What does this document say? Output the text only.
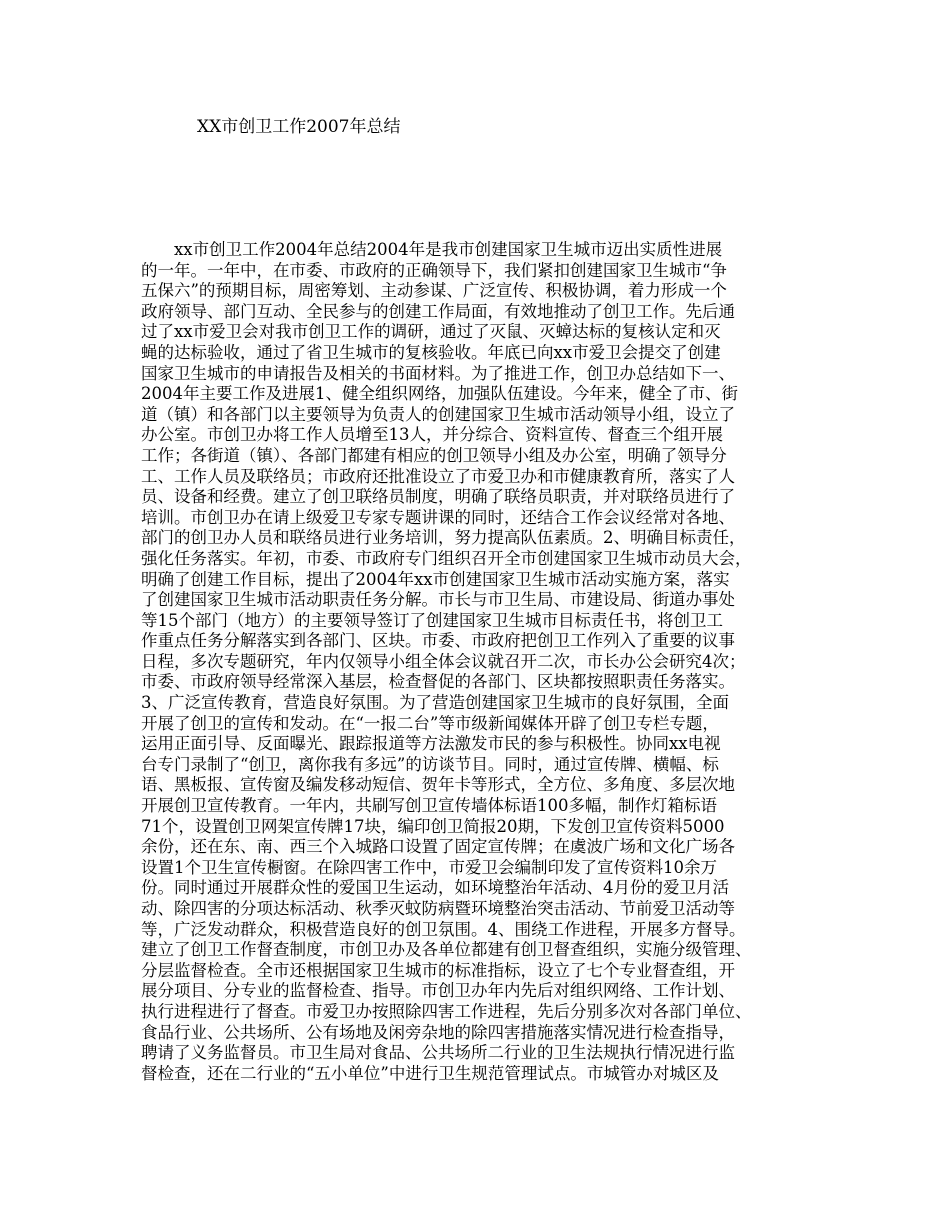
XX市创卫工作2007年总结
　　xx市创卫工作2004年总结2004年是我市创建国家卫生城市迈出实质性进展
的一年。一年中，在市委、市政府的正确领导下，我们紧扣创建国家卫生城市“争
五保六”的预期目标，周密筹划、主动参谋、广泛宣传、积极协调，着力形成一个
政府领导、部门互动、全民参与的创建工作局面，有效地推动了创卫工作。先后通
过了xx市爱卫会对我市创卫工作的调研，通过了灭鼠、灭蟑达标的复核认定和灭
蝇的达标验收，通过了省卫生城市的复核验收。年底已向xx市爱卫会提交了创建
国家卫生城市的申请报告及相关的书面材料。为了推进工作，创卫办总结如下一、
2004年主要工作及进展1、健全组织网络，加强队伍建设。今年来，健全了市、街
道（镇）和各部门以主要领导为负责人的创建国家卫生城市活动领导小组，设立了
办公室。市创卫办将工作人员增至13人，并分综合、资料宣传、督查三个组开展
工作；各街道（镇）、各部门都建有相应的创卫领导小组及办公室，明确了领导分
工、工作人员及联络员；市政府还批准设立了市爱卫办和市健康教育所，落实了人
员、设备和经费。建立了创卫联络员制度，明确了联络员职责，并对联络员进行了
培训。市创卫办在请上级爱卫专家专题讲课的同时，还结合工作会议经常对各地、
部门的创卫办人员和联络员进行业务培训，努力提高队伍素质。2、明确目标责任，
强化任务落实。年初，市委、市政府专门组织召开全市创建国家卫生城市动员大会，
明确了创建工作目标，提出了2004年xx市创建国家卫生城市活动实施方案，落实
了创建国家卫生城市活动职责任务分解。市长与市卫生局、市建设局、街道办事处
等15个部门（地方）的主要领导签订了创建国家卫生城市目标责任书，将创卫工
作重点任务分解落实到各部门、区块。市委、市政府把创卫工作列入了重要的议事
日程，多次专题研究，年内仅领导小组全体会议就召开二次，市长办公会研究4次；
市委、市政府领导经常深入基层，检查督促的各部门、区块都按照职责任务落实。
3、广泛宣传教育，营造良好氛围。为了营造创建国家卫生城市的良好氛围，全面
开展了创卫的宣传和发动。在“一报二台”等市级新闻媒体开辟了创卫专栏专题，
运用正面引导、反面曝光、跟踪报道等方法激发市民的参与积极性。协同xx电视
台专门录制了“创卫，离你我有多远”的访谈节目。同时，通过宣传牌、横幅、标
语、黑板报、宣传窗及编发移动短信、贺年卡等形式，全方位、多角度、多层次地
开展创卫宣传教育。一年内，共刷写创卫宣传墙体标语100多幅，制作灯箱标语
71个，设置创卫网架宣传牌17块，编印创卫简报20期，下发创卫宣传资料5000
余份，还在东、南、西三个入城路口设置了固定宣传牌；在虞波广场和文化广场各
设置1个卫生宣传橱窗。在除四害工作中，市爱卫会编制印发了宣传资料10余万
份。同时通过开展群众性的爱国卫生运动，如环境整治年活动、4月份的爱卫月活
动、除四害的分项达标活动、秋季灭蚊防病暨环境整治突击活动、节前爱卫活动等
等，广泛发动群众，积极营造良好的创卫氛围。4、围绕工作进程，开展多方督导。
建立了创卫工作督查制度，市创卫办及各单位都建有创卫督查组织，实施分级管理、
分层监督检查。全市还根据国家卫生城市的标准指标，设立了七个专业督查组，开
展分项目、分专业的监督检查、指导。市创卫办年内先后对组织网络、工作计划、
执行进程进行了督查。市爱卫办按照除四害工作进程，先后分别多次对各部门单位、
食品行业、公共场所、公有场地及闲旁杂地的除四害措施落实情况进行检查指导，
聘请了义务监督员。市卫生局对食品、公共场所二行业的卫生法规执行情况进行监
督检查，还在二行业的“五小单位”中进行卫生规范管理试点。市城管办对城区及
